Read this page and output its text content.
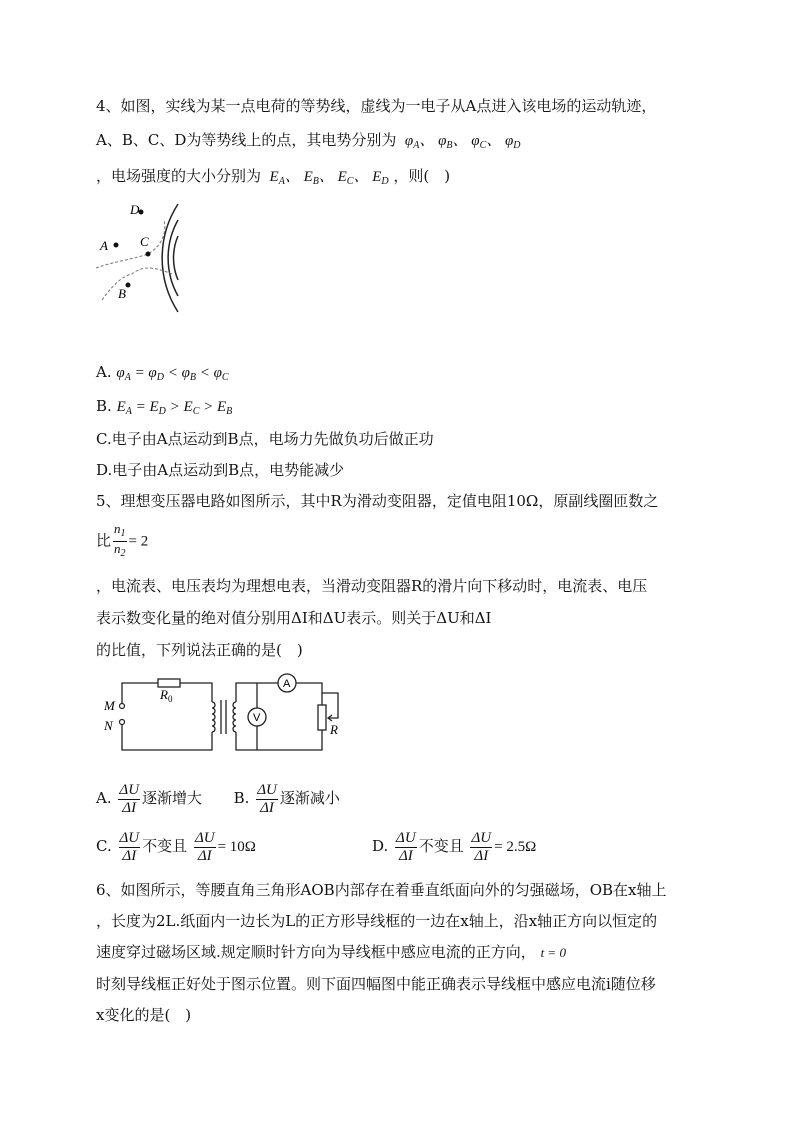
4、如图，实线为某一点电荷的等势线，虚线为一电子从A点进入该电场的运动轨迹，
A、B、C、D为等势线上的点，其电势分别为  $\varphi_A$、 $\varphi_B$、 $\varphi_C$、 $\varphi_D$
，电场强度的大小分别为  $E_A$、 $E_B$、 $E_C$、 $E_D$ ，则(　)
D
A C
B
A. $\varphi_A = \varphi_D < \varphi_B < \varphi_C$
B. $E_A = E_D > E_C > E_B$
C.电子由A点运动到B点，电场力先做负功后做正功
D.电子由A点运动到B点，电势能减少
5、理想变压器电路如图所示，其中R为滑动变阻器，定值电阻10Ω，原副线圈匝数之
比 $\frac{n_1}{n_2} = 2$
，电流表、电压表均为理想电表，当滑动变阻器R的滑片向下移动时，电流表、电压
表示数变化量的绝对值分别用ΔI和ΔU表示。则关于ΔU和ΔI
的比值，下列说法正确的是(　)
$R_0$
M
N	V
A
R
A. $\frac{\Delta U}{\Delta I}$ 逐渐增大 B. $\frac{\Delta U}{\Delta I}$ 逐渐减小
C. $\frac{\Delta U}{\Delta I}$ 不变且 $\frac{\Delta U}{\Delta I} = 10\Omega$	D. $\frac{\Delta U}{\Delta I}$ 不变且 $\frac{\Delta U}{\Delta I} = 2.5\Omega$
6、如图所示，等腰直角三角形AOB内部存在着垂直纸面向外的匀强磁场，OB在x轴上
，长度为2L.纸面内一边长为L的正方形导线框的一边在x轴上，沿x轴正方向以恒定的
速度穿过磁场区域.规定顺时针方向为导线框中感应电流的正方向， t = 0
时刻导线框正好处于图示位置。则下面四幅图中能正确表示导线框中感应电流i随位移
x变化的是(　)
